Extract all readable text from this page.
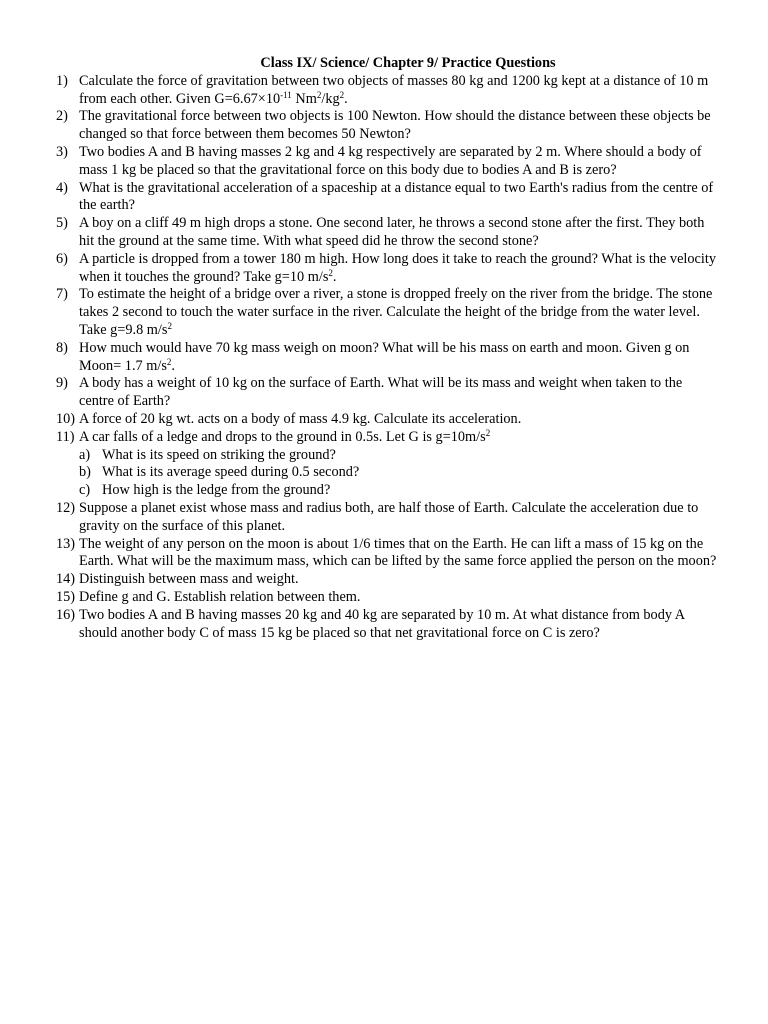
Class IX/ Science/ Chapter 9/ Practice Questions
1) Calculate the force of gravitation between two objects of masses 80 kg and 1200 kg kept at a distance of 10 m from each other. Given $G=6.67\times 10^{-11}$ $Nm^2/kg^2$.
2) The gravitational force between two objects is 100 Newton. How should the distance between these objects be changed so that force between them becomes 50 Newton?
3) Two bodies A and B having masses 2 kg and 4 kg respectively are separated by 2 m. Where should a body of mass 1 kg be placed so that the gravitational force on this body due to bodies A and B is zero?
4) What is the gravitational acceleration of a spaceship at a distance equal to two Earth's radius from the centre of the earth?
5) A boy on a cliff 49 m high drops a stone. One second later, he throws a second stone after the first. They both hit the ground at the same time. With what speed did he throw the second stone?
6) A particle is dropped from a tower 180 m high. How long does it take to reach the ground? What is the velocity when it touches the ground? Take g=10 $m/s^2$.
7) To estimate the height of a bridge over a river, a stone is dropped freely on the river from the bridge. The stone takes 2 second to touch the water surface in the river. Calculate the height of the bridge from the water level. Take g=9.8 $m/s^2$
8) How much would have 70 kg mass weigh on moon? What will be his mass on earth and moon. Given g on Moon= 1.7 $m/s^2$.
9) A body has a weight of 10 kg on the surface of Earth. What will be its mass and weight when taken to the centre of Earth?
10) A force of 20 kg wt. acts on a body of mass 4.9 kg. Calculate its acceleration.
11) A car falls of a ledge and drops to the ground in 0.5s. Let G is $g=10m/s^2$
a) What is its speed on striking the ground?
b) What is its average speed during 0.5 second?
c) How high is the ledge from the ground?
12) Suppose a planet exist whose mass and radius both, are half those of Earth. Calculate the acceleration due to gravity on the surface of this planet.
13) The weight of any person on the moon is about 1/6 times that on the Earth. He can lift a mass of 15 kg on the Earth. What will be the maximum mass, which can be lifted by the same force applied the person on the moon?
14) Distinguish between mass and weight.
15) Define g and G. Establish relation between them.
16) Two bodies A and B having masses 20 kg and 40 kg are separated by 10 m. At what distance from body A should another body C of mass 15 kg be placed so that net gravitational force on C is zero?
